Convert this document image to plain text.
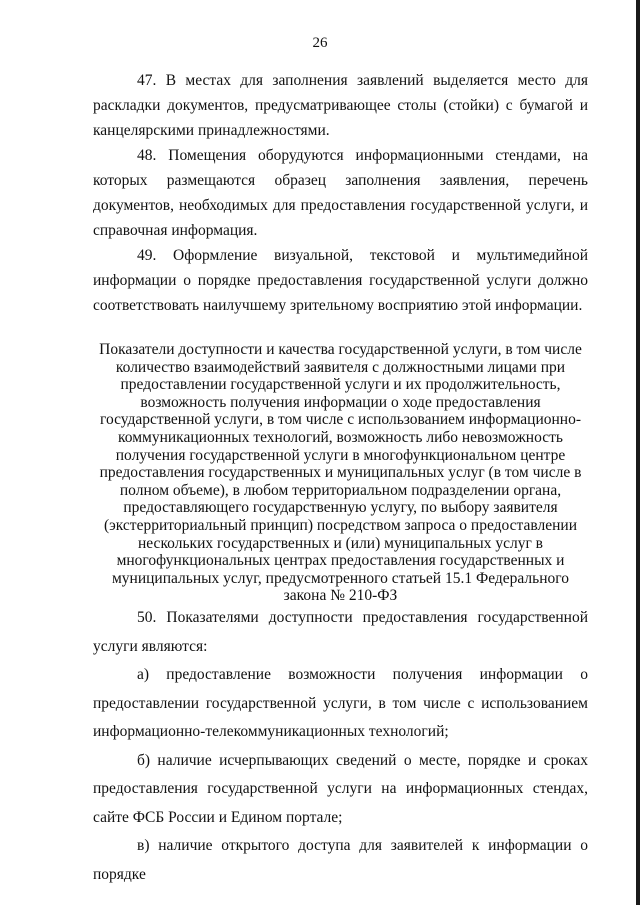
26

47. В местах для заполнения заявлений выделяется место для раскладки документов, предусматривающее столы (стойки) с бумагой и канцелярскими принадлежностями.

48. Помещения оборудуются информационными стендами, на которых размещаются образец заполнения заявления, перечень документов, необходимых для предоставления государственной услуги, и справочная информация.

49. Оформление визуальной, текстовой и мультимедийной информации о порядке предоставления государственной услуги должно соответствовать наилучшему зрительному восприятию этой информации.

Показатели доступности и качества государственной услуги, в том числе количество взаимодействий заявителя с должностными лицами при предоставлении государственной услуги и их продолжительность, возможность получения информации о ходе предоставления государственной услуги, в том числе с использованием информационно-коммуникационных технологий, возможность либо невозможность получения государственной услуги в многофункциональном центре предоставления государственных и муниципальных услуг (в том числе в полном объеме), в любом территориальном подразделении органа, предоставляющего государственную услугу, по выбору заявителя (экстерриториальный принцип) посредством запроса о предоставлении нескольких государственных и (или) муниципальных услуг в многофункциональных центрах предоставления государственных и муниципальных услуг, предусмотренного статьей 15.1 Федерального закона № 210-ФЗ

50. Показателями доступности предоставления государственной услуги являются:

а) предоставление возможности получения информации о предоставлении государственной услуги, в том числе с использованием информационно-телекоммуникационных технологий;

б) наличие исчерпывающих сведений о месте, порядке и сроках предоставления государственной услуги на информационных стендах, сайте ФСБ России и Едином портале;

в) наличие открытого доступа для заявителей к информации о порядке
